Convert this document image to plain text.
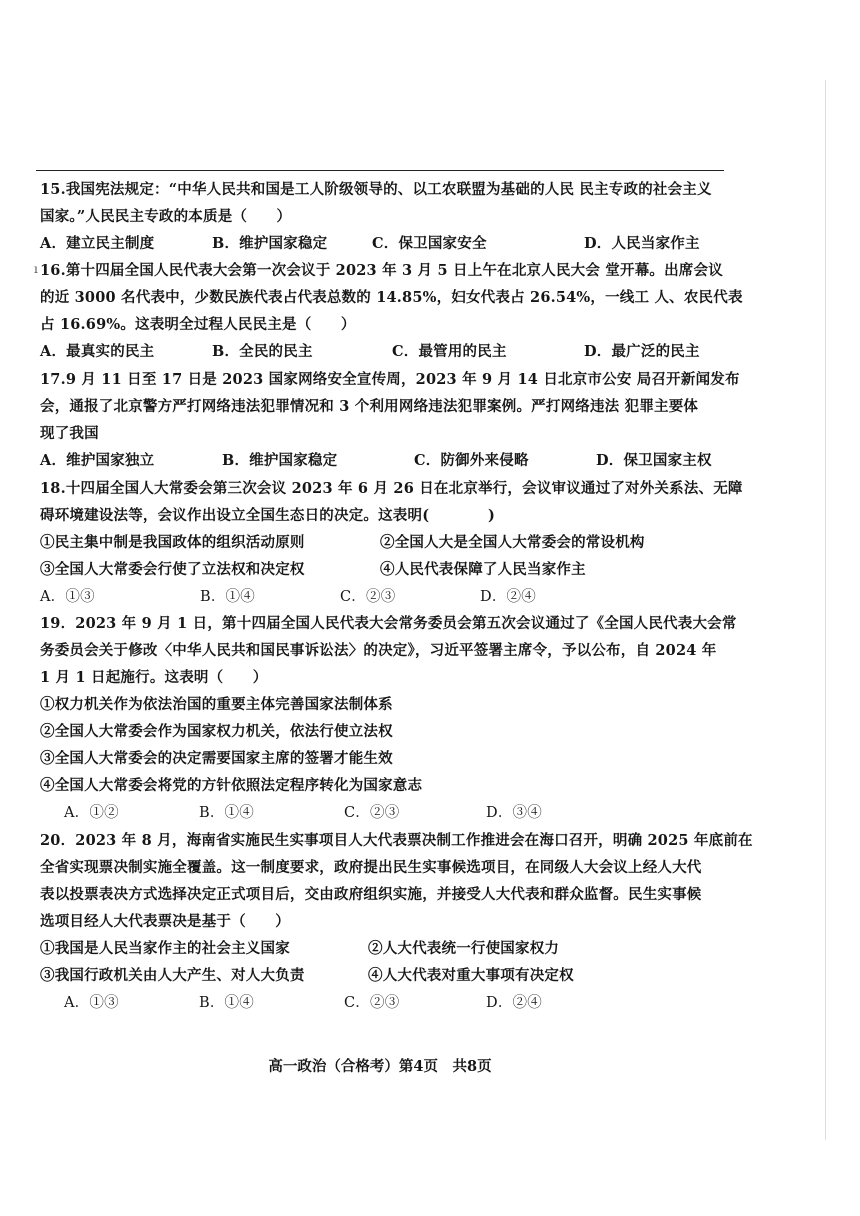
ı
15.我国宪法规定：“中华人民共和国是工人阶级领导的、以工农联盟为基础的人民 民主专政的社会主义
国家。”人民民主专政的本质是（　　）
A．建立民主制度	B．维护国家稳定	C．保卫国家安全	D．人民当家作主
16.第十四届全国人民代表大会第一次会议于 2023 年 3 月 5 日上午在北京人民大会 堂开幕。出席会议
的近 3000 名代表中，少数民族代表占代表总数的 14.85%，妇女代表占 26.54%，一线工 人、农民代表
占 16.69%。这表明全过程人民民主是（　　）
A．最真实的民主	B．全民的民主	C．最管用的民主	D．最广泛的民主
17.9 月 11 日至 17 日是 2023 国家网络安全宣传周，2023 年 9 月 14 日北京市公安 局召开新闻发布
会，通报了北京警方严打网络违法犯罪情况和 3 个利用网络违法犯罪案例。严打网络违法 犯罪主要体
现了我国
A．维护国家独立	B．维护国家稳定	C．防御外来侵略	D．保卫国家主权
18.十四届全国人大常委会第三次会议 2023 年 6 月 26 日在北京举行，会议审议通过了对外关系法、无障
碍环境建设法等，会议作出设立全国生态日的决定。这表明(　　　　)
①民主集中制是我国政体的组织活动原则	②全国人大是全国人大常委会的常设机构
③全国人大常委会行使了立法权和决定权	④人民代表保障了人民当家作主
A．①③	B．①④	C．②③	D．②④
19．2023 年 9 月 1 日，第十四届全国人民代表大会常务委员会第五次会议通过了《全国人民代表大会常
务委员会关于修改〈中华人民共和国民事诉讼法〉的决定》，习近平签署主席令，予以公布，自 2024 年
1 月 1 日起施行。这表明（　　）
①权力机关作为依法治国的重要主体完善国家法制体系
②全国人大常委会作为国家权力机关，依法行使立法权
③全国人大常委会的决定需要国家主席的签署才能生效
④全国人大常委会将党的方针依照法定程序转化为国家意志
A．①②	B．①④	C．②③	D．③④
20．2023 年 8 月，海南省实施民生实事项目人大代表票决制工作推进会在海口召开，明确 2025 年底前在
全省实现票决制实施全覆盖。这一制度要求，政府提出民生实事候选项目，在同级人大会议上经人大代
表以投票表决方式选择决定正式项目后，交由政府组织实施，并接受人大代表和群众监督。民生实事候
选项目经人大代表票决是基于（　　）
①我国是人民当家作主的社会主义国家	②人大代表统一行使国家权力
③我国行政机关由人大产生、对人大负责	④人大代表对重大事项有决定权
A．①③	B．①④	C．②③	D．②④
高一政治（合格考）第4页　共8页
